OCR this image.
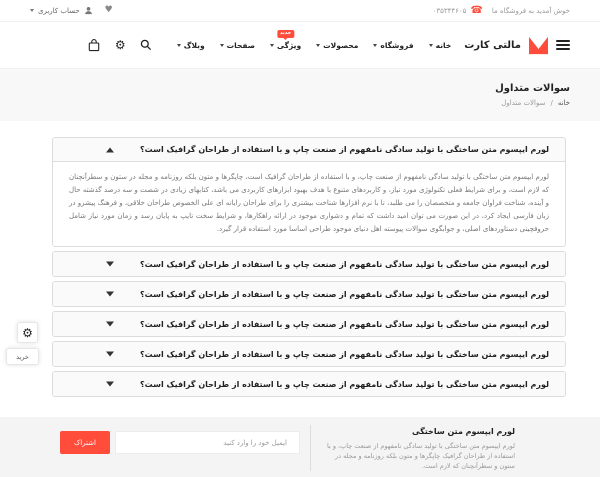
خوش آمدید به فروشگاه ما
☎
۰۳۵۳۴۴۶۰۵
♥
حساب کاربری
مالتی کارت
خانه
فروشگاه
محصولات
جدید
ویژگی
صفحات
وبلاگ
⚙
سوالات متداول
خانه
/
سوالات متداول
لورم ایپسوم متن ساختگی با تولید سادگی نامفهوم از صنعت چاپ و با استفاده از طراحان گرافیک است؟
لورم ایپسوم متن ساختگی با تولید سادگی نامفهوم از صنعت چاپ، و با استفاده از طراحان گرافیک است، چاپگرها و متون بلکه روزنامه و مجله در ستون و سطرآنچنان که لازم است، و برای شرایط فعلی تکنولوژی مورد نیاز، و کاربردهای متنوع با هدف بهبود ابزارهای کاربردی می باشد، کتابهای زیادی در شصت و سه درصد گذشته حال و آینده، شناخت فراوان جامعه و متخصصان را می طلبد، تا با نرم افزارها شناخت بیشتری را برای طراحان رایانه ای علی الخصوص طراحان خلاقی، و فرهنگ پیشرو در زبان فارسی ایجاد کرد، در این صورت می توان امید داشت که تمام و دشواری موجود در ارائه راهکارها، و شرایط سخت تایپ به پایان رسد و زمان مورد نیاز شامل حروفچینی دستاوردهای اصلی، و جوابگوی سوالات پیوسته اهل دنیای موجود طراحی اساسا مورد استفاده قرار گیرد.
لورم ایپسوم متن ساختگی با تولید سادگی نامفهوم از صنعت چاپ و با استفاده از طراحان گرافیک است؟
لورم ایپسوم متن ساختگی با تولید سادگی نامفهوم از صنعت چاپ و با استفاده از طراحان گرافیک است؟
لورم ایپسوم متن ساختگی با تولید سادگی نامفهوم از صنعت چاپ و با استفاده از طراحان گرافیک است؟
لورم ایپسوم متن ساختگی با تولید سادگی نامفهوم از صنعت چاپ و با استفاده از طراحان گرافیک است؟
لورم ایپسوم متن ساختگی با تولید سادگی نامفهوم از صنعت چاپ و با استفاده از طراحان گرافیک است؟
⚙
خرید
لورم ایپسوم متن ساختگی
لورم ایپسوم متن ساختگی با تولید سادگی نامفهوم از صنعت چاپ، و با استفاده از طراحان گرافیک چاپگرها و متون بلکه روزنامه و مجله در ستون و سطرآنچنان که لازم است.
ایمیل خود را وارد کنید
اشتراک
